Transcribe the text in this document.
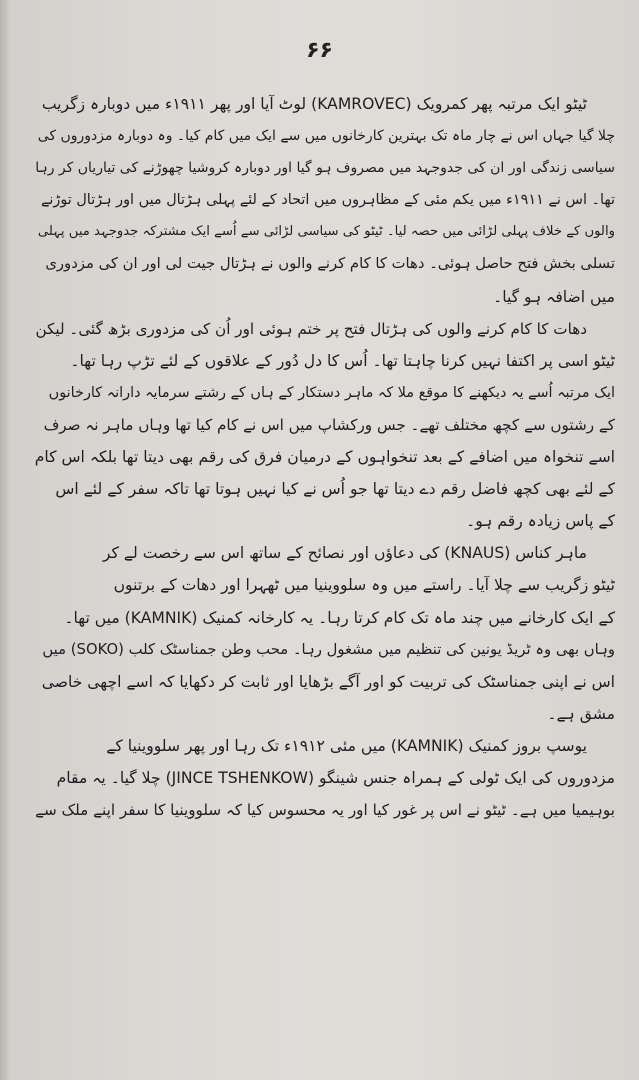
۶۶
ٹیٹو ایک مرتبہ پھر کمرویک (KAMROVEC) لوٹ آیا اور پھر ۱۹۱۱ء میں دوبارہ زگریب
چلا گیا جہاں اس نے چار ماہ تک بہترین کارخانوں میں سے ایک میں کام کیا۔ وہ دوبارہ مزدوروں کی
سیاسی زندگی اور ان کی جدوجہد میں مصروف ہو گیا اور دوبارہ کروشیا چھوڑنے کی تیاریاں کر رہا
تھا۔ اس نے ۱۹۱۱ء میں یکم مئی کے مظاہروں میں اتحاد کے لئے پہلی ہڑتال میں اور ہڑتال توڑنے
والوں کے خلاف پہلی لڑائی میں حصہ لیا۔ ٹیٹو کی سیاسی لڑائی سے اُسے ایک مشترکہ جدوجہد میں پہلی
تسلی بخش فتح حاصل ہوئی۔ دھات کا کام کرنے والوں نے ہڑتال جیت لی اور ان کی مزدوری
میں اضافہ ہو گیا۔
دھات کا کام کرنے والوں کی ہڑتال فتح پر ختم ہوئی اور اُن کی مزدوری بڑھ گئی۔ لیکن
ٹیٹو اسی پر اکتفا نہیں کرنا چاہتا تھا۔ اُس کا دل دُور کے علاقوں کے لئے تڑپ رہا تھا۔
ایک مرتبہ اُسے یہ دیکھنے کا موقع ملا کہ ماہر دستکار کے ہاں کے رشتے سرمایہ دارانہ کارخانوں
کے رشتوں سے کچھ مختلف تھے۔ جس ورکشاپ میں اس نے کام کیا تھا وہاں ماہر نہ صرف
اسے تنخواہ میں اضافے کے بعد تنخواہوں کے درمیان فرق کی رقم بھی دیتا تھا بلکہ اس کام
کے لئے بھی کچھ فاضل رقم دے دیتا تھا جو اُس نے کیا نہیں ہوتا تھا تاکہ سفر کے لئے اس
کے پاس زیادہ رقم ہو۔
ماہر کناس (KNAUS) کی دعاؤں اور نصائح کے ساتھ اس سے رخصت لے کر
ٹیٹو زگریب سے چلا آیا۔ راستے میں وہ سلووینیا میں ٹھہرا اور دھات کے برتنوں
کے ایک کارخانے میں چند ماہ تک کام کرتا رہا۔ یہ کارخانہ کمنیک (KAMNIK) میں تھا۔
وہاں بھی وہ ٹریڈ یونین کی تنظیم میں مشغول رہا۔ محب وطن جمناسٹک کلب (SOKO) میں
اس نے اپنی جمناسٹک کی تربیت کو اور آگے بڑھایا اور ثابت کر دکھایا کہ اسے اچھی خاصی
مشق ہے۔
یوسپ بروز کمنیک (KAMNIK) میں مئی ۱۹۱۲ء تک رہا اور پھر سلووینیا کے
مزدوروں کی ایک ٹولی کے ہمراہ جنس شینگو (JINCE TSHENKOW) چلا گیا۔ یہ مقام
بوہیمیا میں ہے۔ ٹیٹو نے اس پر غور کیا اور یہ محسوس کیا کہ سلووینیا کا سفر اپنے ملک سے
